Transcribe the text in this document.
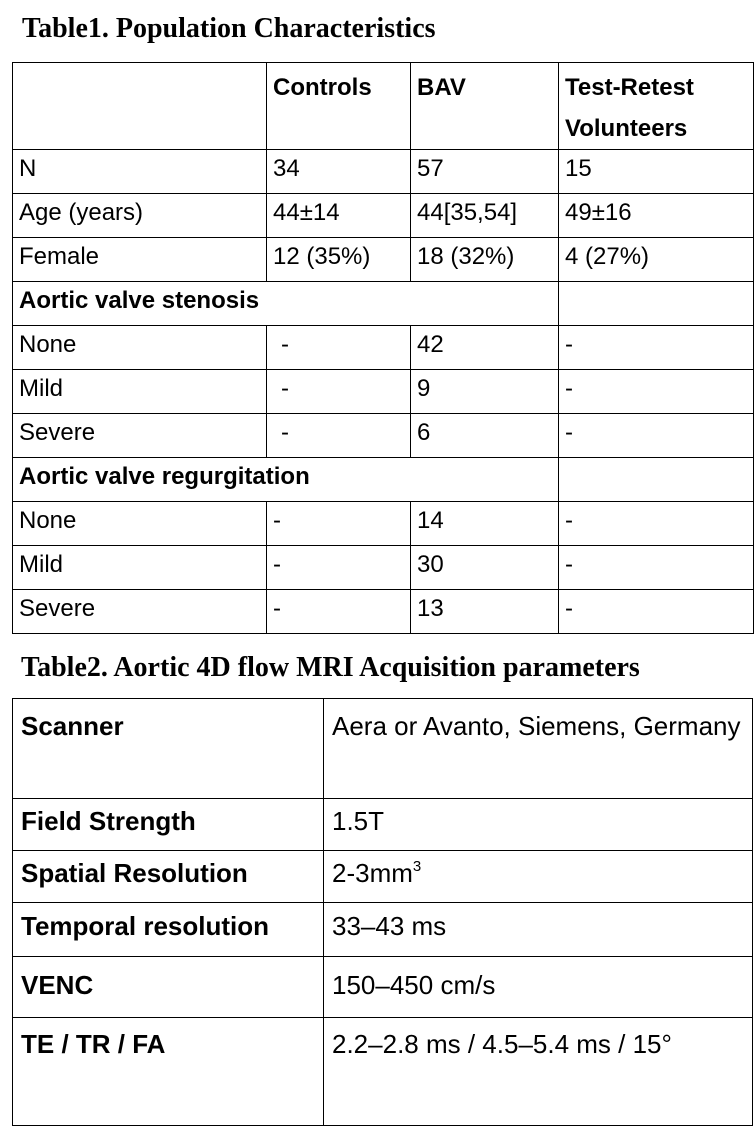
Table1. Population Characteristics
	Controls	BAV	Test-Retest Volunteers
N	34	57	15
Age (years)	44±14	44[35,54]	49±16
Female	12 (35%)	18 (32%)	4 (27%)
Aortic valve stenosis			
None	-	42	-
Mild	-	9	-
Severe	-	6	-
Aortic valve regurgitation			
None	-	14	-
Mild	-	30	-
Severe	-	13	-
Table2. Aortic 4D flow MRI Acquisition parameters
Scanner	Aera or Avanto, Siemens, Germany
Field Strength	1.5T
Spatial Resolution	$2-3mm^3$
Temporal resolution	33–43 ms
VENC	150–450 cm/s
TE / TR / FA	2.2–2.8 ms / 4.5–5.4 ms / 15°
